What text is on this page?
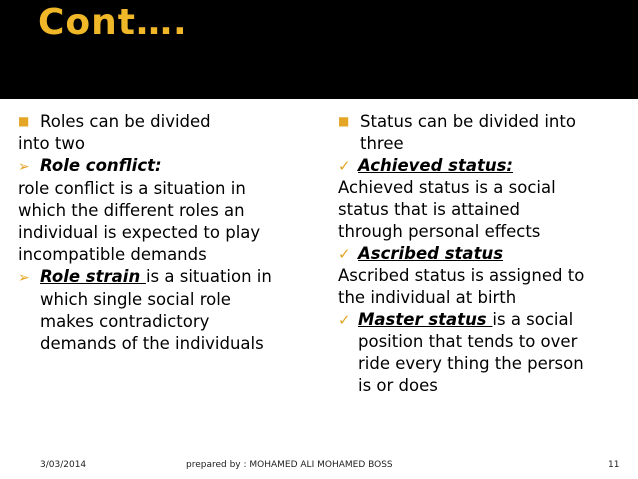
Cont….
■ Roles can be divided
into two
➢ Role conflict:
role conflict is a situation in
which the different roles an
individual is expected to play
incompatible demands
➢ Role strain is a situation in
which single social role
makes contradictory
demands of the individuals
■ Status can be divided into
three
✓ Achieved status:
Achieved status is a social
status that is attained
through personal effects
✓ Ascribed status
Ascribed status is assigned to
the individual at birth
✓ Master status is a social
position that tends to over
ride every thing the person
is or does
3/03/2014	prepared by : MOHAMED ALI MOHAMED BOSS	11
